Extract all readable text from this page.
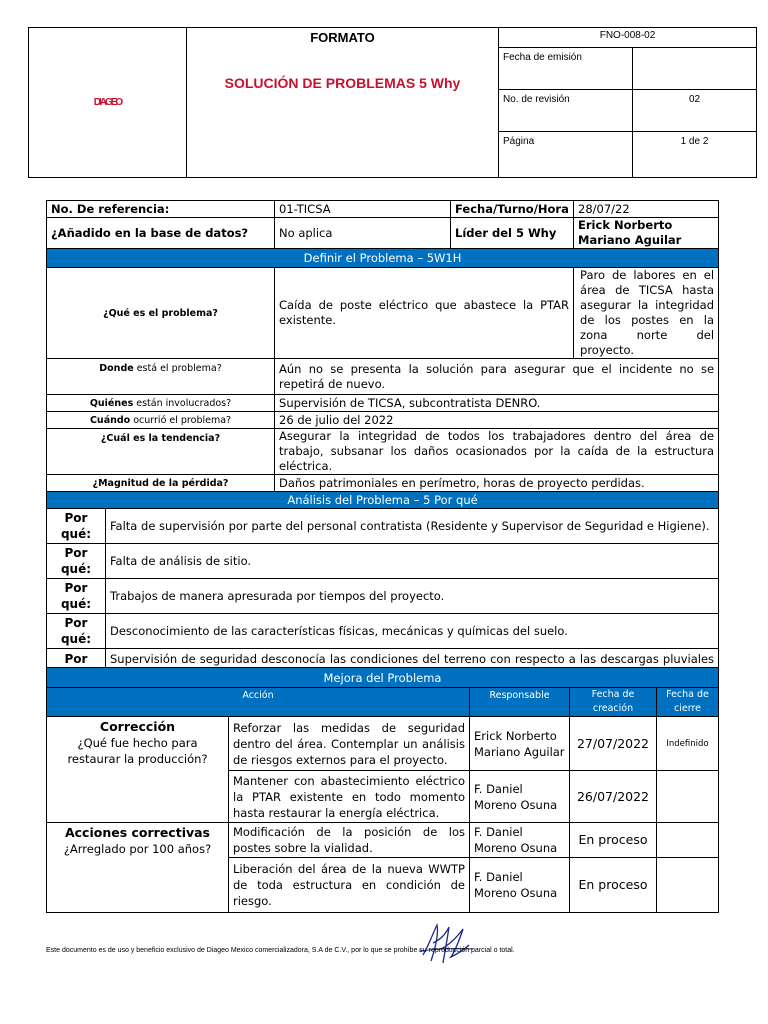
DIAGEO	FORMATO
SOLUCIÓN DE PROBLEMAS 5 Why	FNO-008-02	
		Fecha de emisión	
		No. de revisión	02
		Página	1 de 2
No. De referencia:		01-TICSA	Fecha/Turno/Hora	28/07/22
¿Añadido en la base de datos?		No aplica	Líder del 5 Why	Erick Norberto Mariano Aguilar
Definir el Problema – 5W1H				
¿Qué es el problema?		Caída de poste eléctrico que abastece la PTAR existente.		Paro de labores en el área de TICSA hasta asegurar la integridad de los postes en la zona norte del proyecto.
Donde está el problema?		Aún no se presenta la solución para asegurar que el incidente no se repetirá de nuevo.		
Quiénes están involucrados?		Supervisión de TICSA, subcontratista DENRO.		
Cuándo ocurrió el problema?		26 de julio del 2022		
¿Cuál es la tendencia?		Asegurar la integridad de todos los trabajadores dentro del área de trabajo, subsanar los daños ocasionados por la caída de la estructura eléctrica.		
¿Magnitud de la pérdida?		Daños patrimoniales en perímetro, horas de proyecto perdidas.		
Análisis del Problema – 5 Por qué				
Por
qué:	Falta de supervisión por parte del personal contratista (Residente y Supervisor de Seguridad e Higiene).			
Por
qué:	Falta de análisis de sitio.			
Por
qué:	Trabajos de manera apresurada por tiempos del proyecto.			
Por
qué:	Desconocimiento de las características físicas, mecánicas y químicas del suelo.			
Por	Supervisión de seguridad desconocía las condiciones del terreno con respecto a las descargas pluviales			
Mejora del Problema				
Acción		Responsable	Fecha de creación	Fecha de cierre

Corrección
¿Qué fue hecho para restaurar la producción?	Reforzar las medidas de seguridad dentro del área. Contemplar un análisis de riesgos externos para el proyecto.	Erick Norberto Mariano Aguilar	27/07/2022	Indefinido
	Mantener con abastecimiento eléctrico la PTAR existente en todo momento hasta restaurar la energía eléctrica.	F. Daniel Moreno Osuna	26/07/2022	

Acciones correctivas
¿Arreglado por 100 años?	Modificación de la posición de los postes sobre la vialidad.	F. Daniel Moreno Osuna	En proceso	
	Liberación del área de la nueva WWTP de toda estructura en condición de riesgo.	F. Daniel Moreno Osuna	En proceso	
Este documento es de uso y beneficio exclusivo de Diageo Mexico comercializadora, S.A de C.V., por lo que se prohíbe su reproducción parcial o total.
